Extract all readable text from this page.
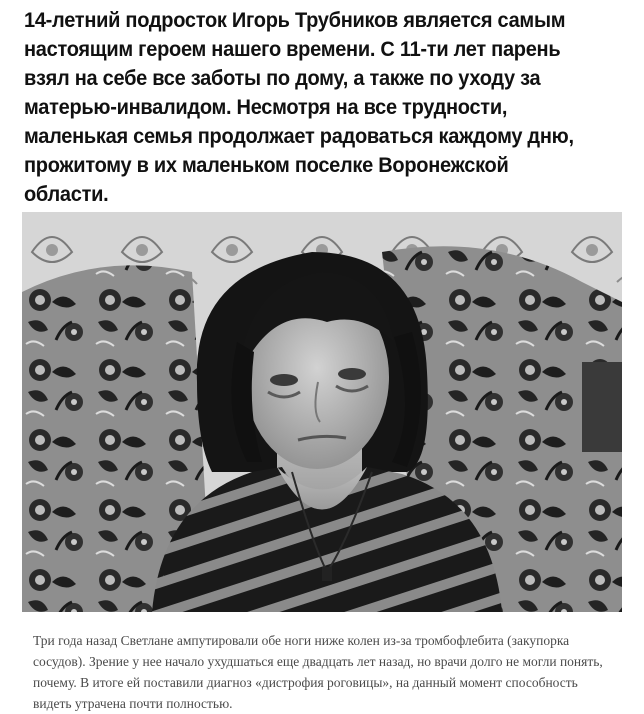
14-летний подросток Игорь Трубников является самым настоящим героем нашего времени. С 11-ти лет парень взял на себе все заботы по дому, а также по уходу за матерью-инвалидом. Несмотря на все трудности, маленькая семья продолжает радоваться каждому дню, прожитому в их маленьком поселке Воронежской области.

Три года назад Светлане ампутировали обе ноги ниже колен из-за тромбофлебита (закупорка сосудов). Зрение у нее начало ухудшаться еще двадцать лет назад, но врачи долго не могли понять, почему. В итоге ей поставили диагноз «дистрофия роговицы», на данный момент способность видеть утрачена почти полностью.
